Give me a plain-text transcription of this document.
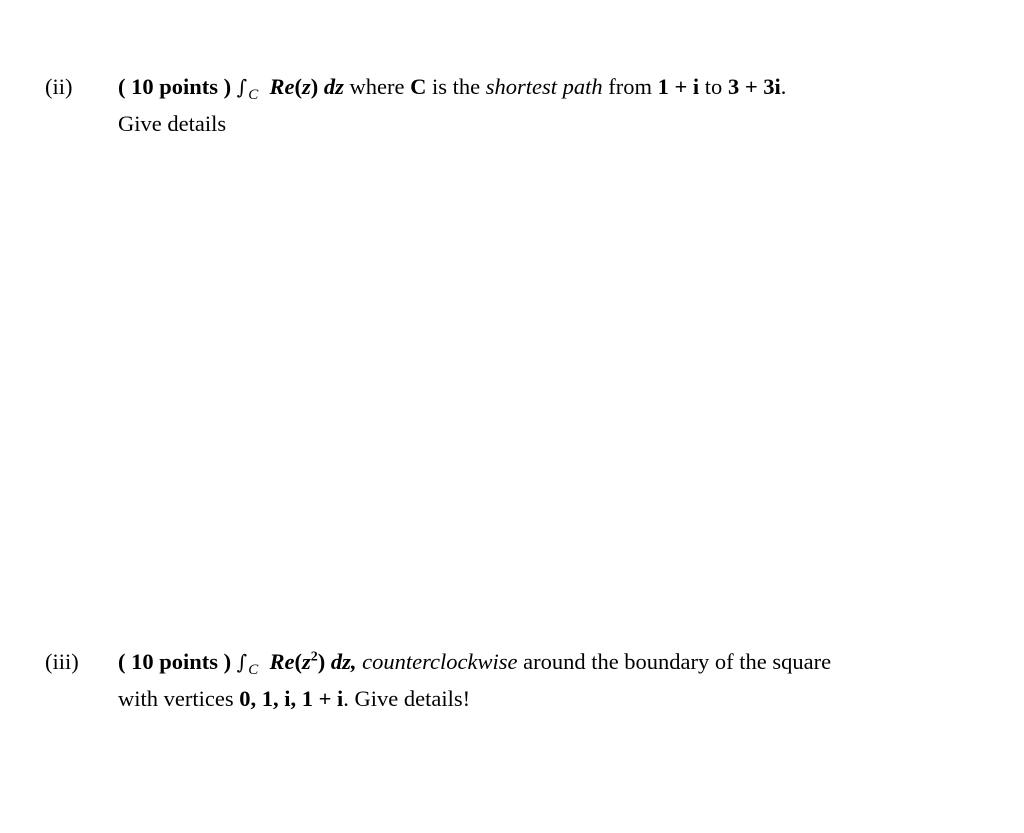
(ii) ( 10 points ) $\int_C$ Re(z) dz where C is the shortest path from 1 + i to 3 + 3i.
Give details
(iii) ( 10 points ) $\int_C$ $Re(z^2)$ dz, counterclockwise around the boundary of the square
with vertices 0, 1, i, 1 + i. Give details!
